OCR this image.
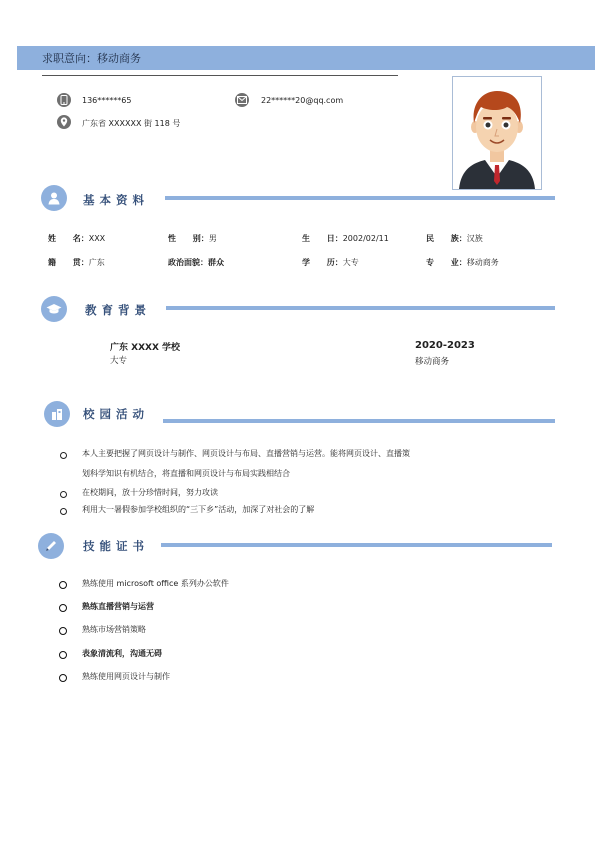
求职意向：移动商务
136******65	22******20@qq.com
广东省 XXXXXX 街 118 号
基本资料
姓      名：XXX	性      别：男	生      日：2002/02/11	民      族：汉族
籍      贯：广东	政治面貌：群众	学      历：大专	专      业：移动商务
教育背景
广东 XXXX 学校
大专
2020-2023
移动商务
校园活动
本人主要把握了网页设计与制作、网页设计与布局、直播营销与运营。能将网页设计、直播策
划科学知识有机结合，将直播和网页设计与布局实践相结合
在校期间，放十分珍惜时间，努力攻读
利用大一暑假参加学校组织的“三下乡”活动，加深了对社会的了解
技能证书
熟练使用 microsoft office 系列办公软件
熟练直播营销与运营
熟练市场营销策略
表象清流利，沟通无碍
熟练使用网页设计与制作
